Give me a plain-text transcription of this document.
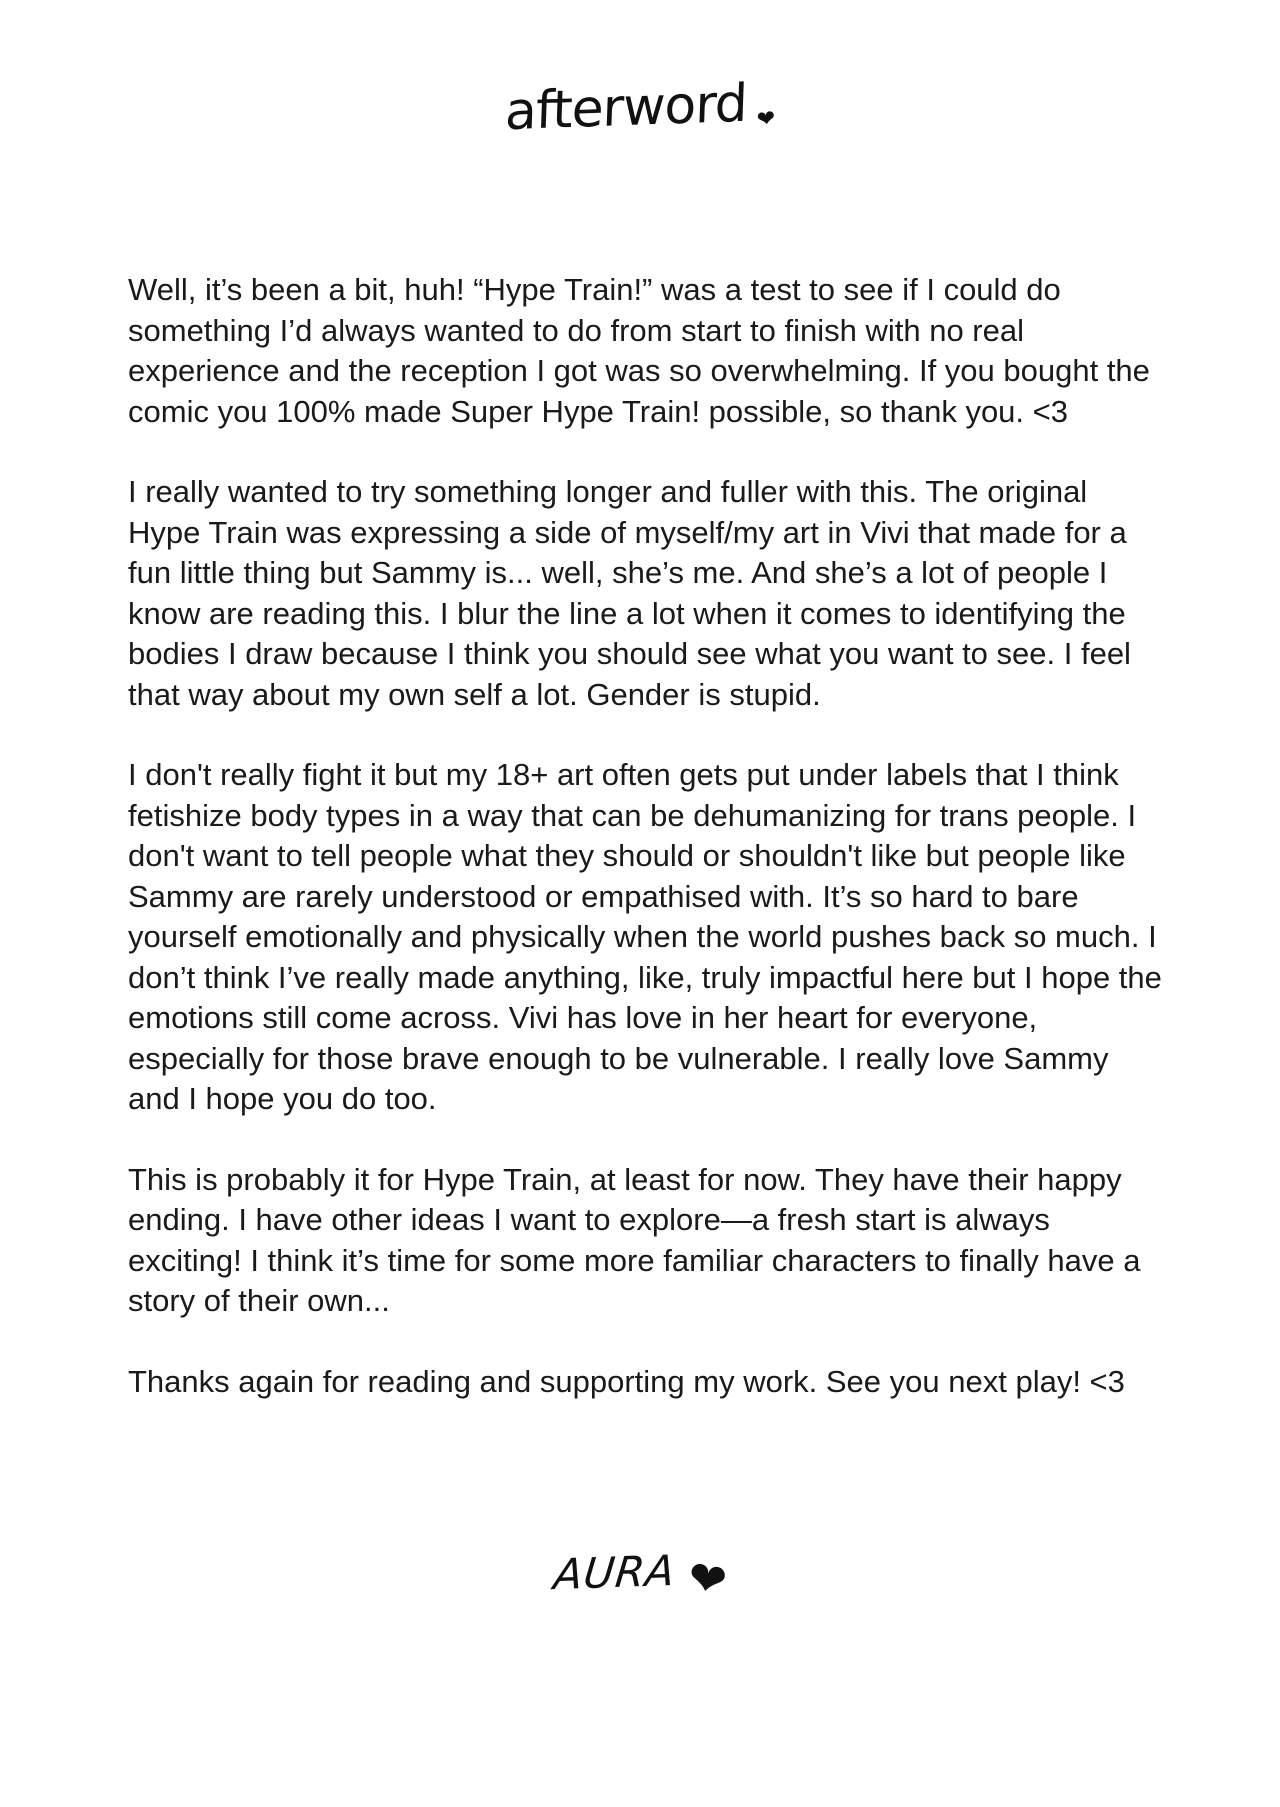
afterword ❤

Well, it’s been a bit, huh! “Hype Train!” was a test to see if I could do something I’d always wanted to do from start to finish with no real experience and the reception I got was so overwhelming. If you bought the comic you 100% made Super Hype Train! possible, so thank you. <3

I really wanted to try something longer and fuller with this. The original Hype Train was expressing a side of myself/my art in Vivi that made for a fun little thing but Sammy is... well, she’s me. And she’s a lot of people I know are reading this. I blur the line a lot when it comes to identifying the bodies I draw because I think you should see what you want to see. I feel that way about my own self a lot. Gender is stupid.

I don't really fight it but my 18+ art often gets put under labels that I think fetishize body types in a way that can be dehumanizing for trans people. I don't want to tell people what they should or shouldn't like but people like Sammy are rarely understood or empathised with. It’s so hard to bare yourself emotionally and physically when the world pushes back so much. I don’t think I’ve really made anything, like, truly impactful here but I hope the emotions still come across. Vivi has love in her heart for everyone, especially for those brave enough to be vulnerable. I really love Sammy and I hope you do too.

This is probably it for Hype Train, at least for now. They have their happy ending. I have other ideas I want to explore—a fresh start is always exciting! I think it’s time for some more familiar characters to finally have a story of their own...

Thanks again for reading and supporting my work. See you next play! <3

AURA ❤
